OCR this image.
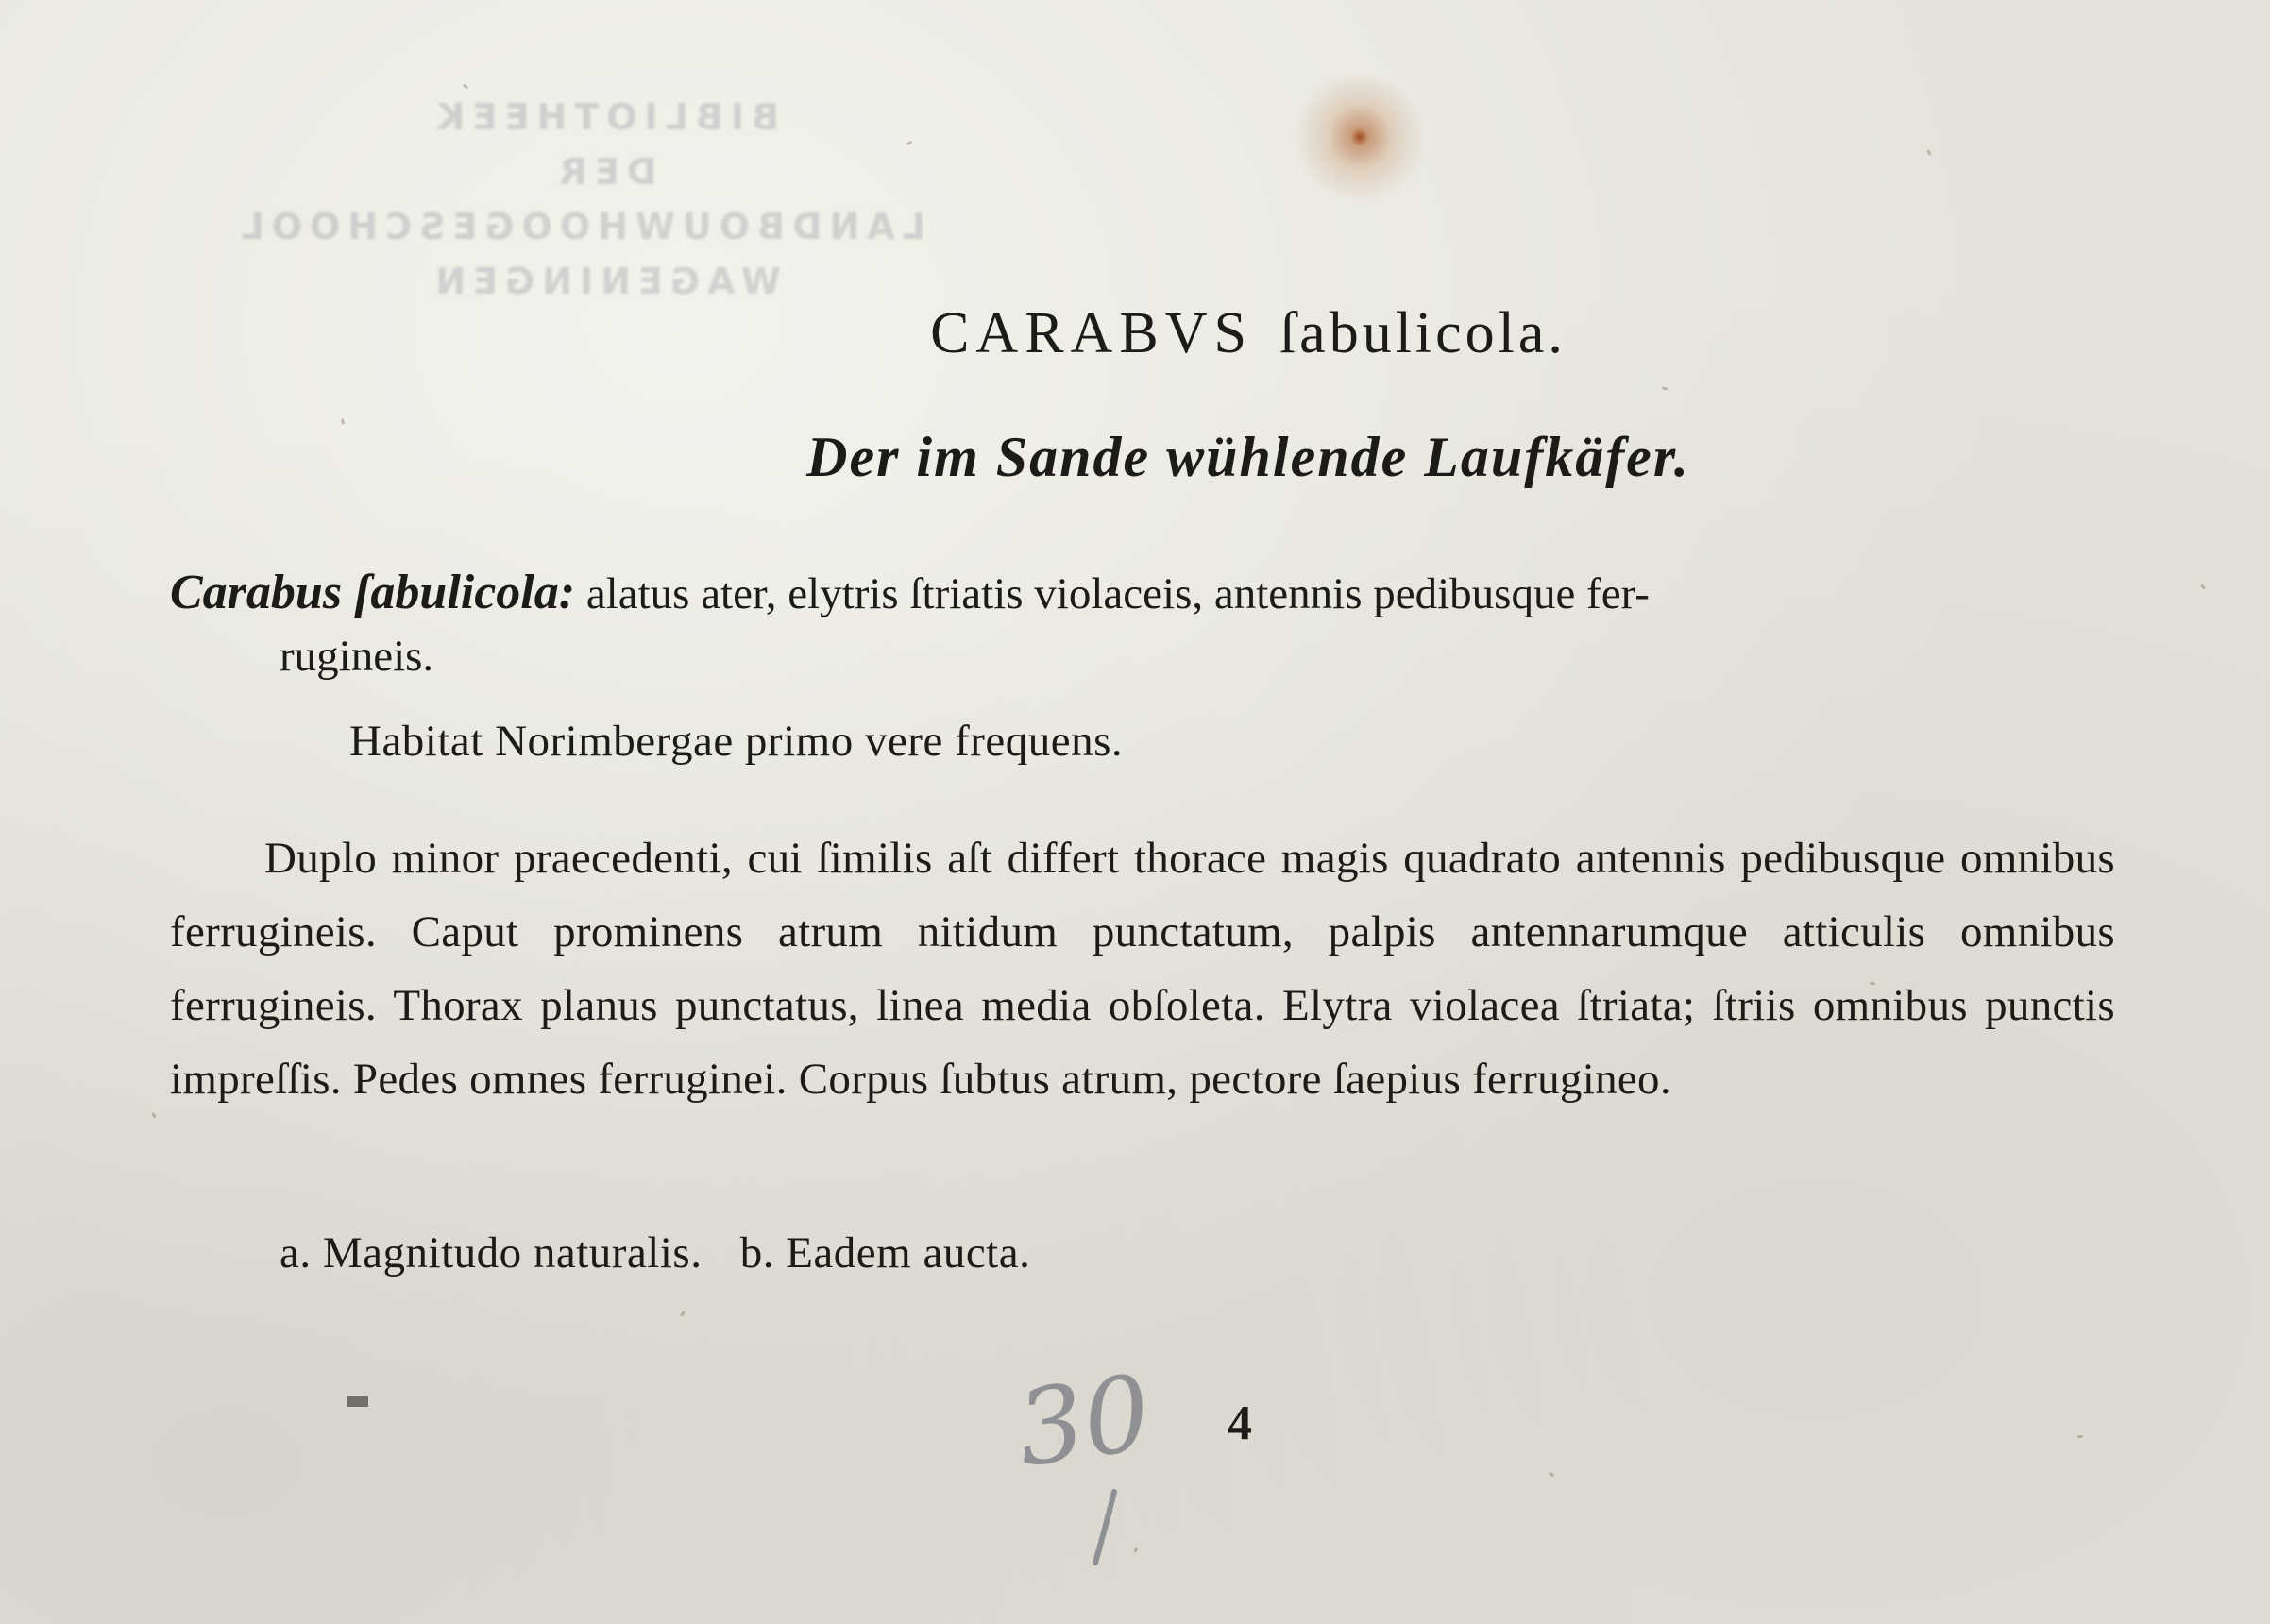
BIBLIOTHEEK
DER
LANDBOUWHOOGESCHOOL
WAGENINGEN
CARABVS ſabulicola.
Der im Sande wühlende Laufkäfer.
Carabus ſabulicola: alatus ater, elytris ſtriatis violaceis, antennis pedibusque fer-
rugineis.
Habitat Norimbergae primo vere frequens.
Duplo minor praecedenti, cui ſimilis aſt differt thorace magis quadrato antennis pedibusque omnibus ferrugineis. Caput prominens atrum nitidum punctatum, palpis antennarumque atticulis omnibus ferrugineis. Thorax planus punctatus, linea media obſoleta. Elytra violacea ſtriata; ſtriis omnibus punctis impreſſis. Pedes omnes ferruginei. Corpus ſubtus atrum, pectore ſaepius ferrugineo.
a. Magnitudo naturalis. b. Eadem aucta.
30 4
